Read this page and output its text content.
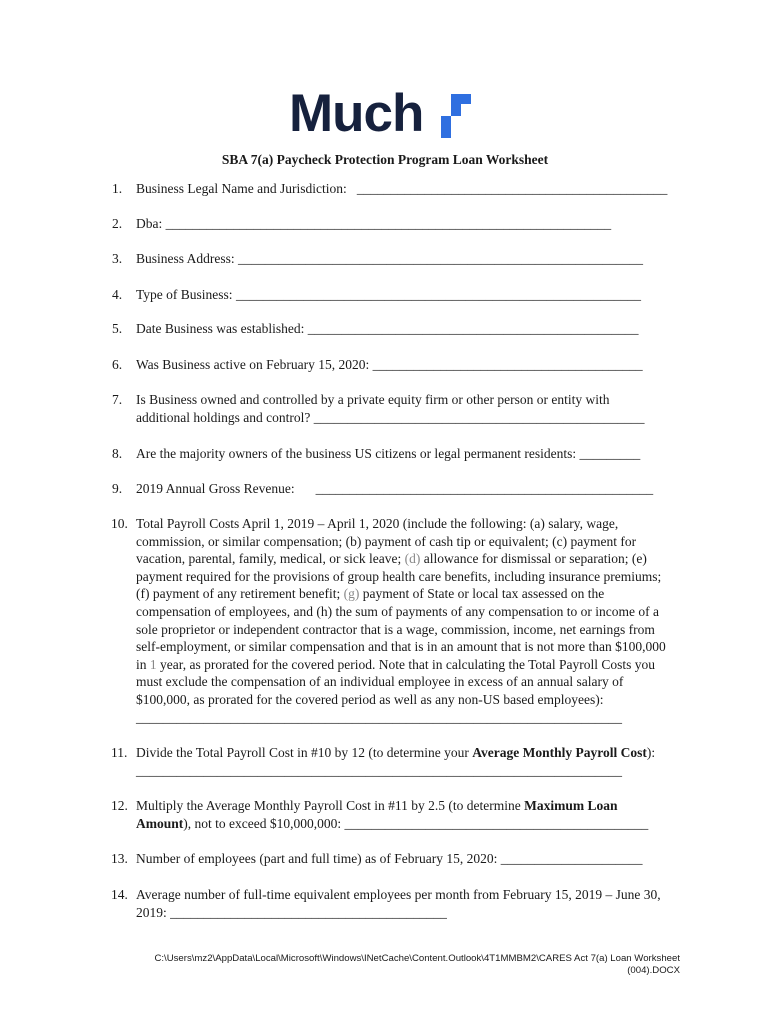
Much
SBA 7(a) Paycheck Protection Program Loan Worksheet
1. Business Legal Name and Jurisdiction: ______________________________________________
2. Dba: __________________________________________________________________
3. Business Address: ____________________________________________________________
4. Type of Business: ____________________________________________________________
5. Date Business was established: _________________________________________________
6. Was Business active on February 15, 2020: ________________________________________
7. Is Business owned and controlled by a private equity firm or other person or entity with
additional holdings and control? _________________________________________________
8. Are the majority owners of the business US citizens or legal permanent residents: _________
9. 2019 Annual Gross Revenue: __________________________________________________
10. Total Payroll Costs April 1, 2019 – April 1, 2020 (include the following: (a) salary, wage,
commission, or similar compensation; (b) payment of cash tip or equivalent; (c) payment for
vacation, parental, family, medical, or sick leave; (d) allowance for dismissal or separation; (e)
payment required for the provisions of group health care benefits, including insurance premiums;
(f) payment of any retirement benefit; (g) payment of State or local tax assessed on the
compensation of employees, and (h) the sum of payments of any compensation to or income of a
sole proprietor or independent contractor that is a wage, commission, income, net earnings from
self-employment, or similar compensation and that is in an amount that is not more than $100,000
in 1 year, as prorated for the covered period. Note that in calculating the Total Payroll Costs you
must exclude the compensation of an individual employee in excess of an annual salary of
$100,000, as prorated for the covered period as well as any non-US based employees):
________________________________________________________________________
11. Divide the Total Payroll Cost in #10 by 12 (to determine your Average Monthly Payroll Cost):
________________________________________________________________________
12. Multiply the Average Monthly Payroll Cost in #11 by 2.5 (to determine Maximum Loan
Amount), not to exceed $10,000,000: _____________________________________________
13. Number of employees (part and full time) as of February 15, 2020: _____________________
14. Average number of full-time equivalent employees per month from February 15, 2019 – June 30,
2019: _________________________________________
C:\Users\mz2\AppData\Local\Microsoft\Windows\INetCache\Content.Outlook\4T1MMBM2\CARES Act 7(a) Loan Worksheet
(004).DOCX
